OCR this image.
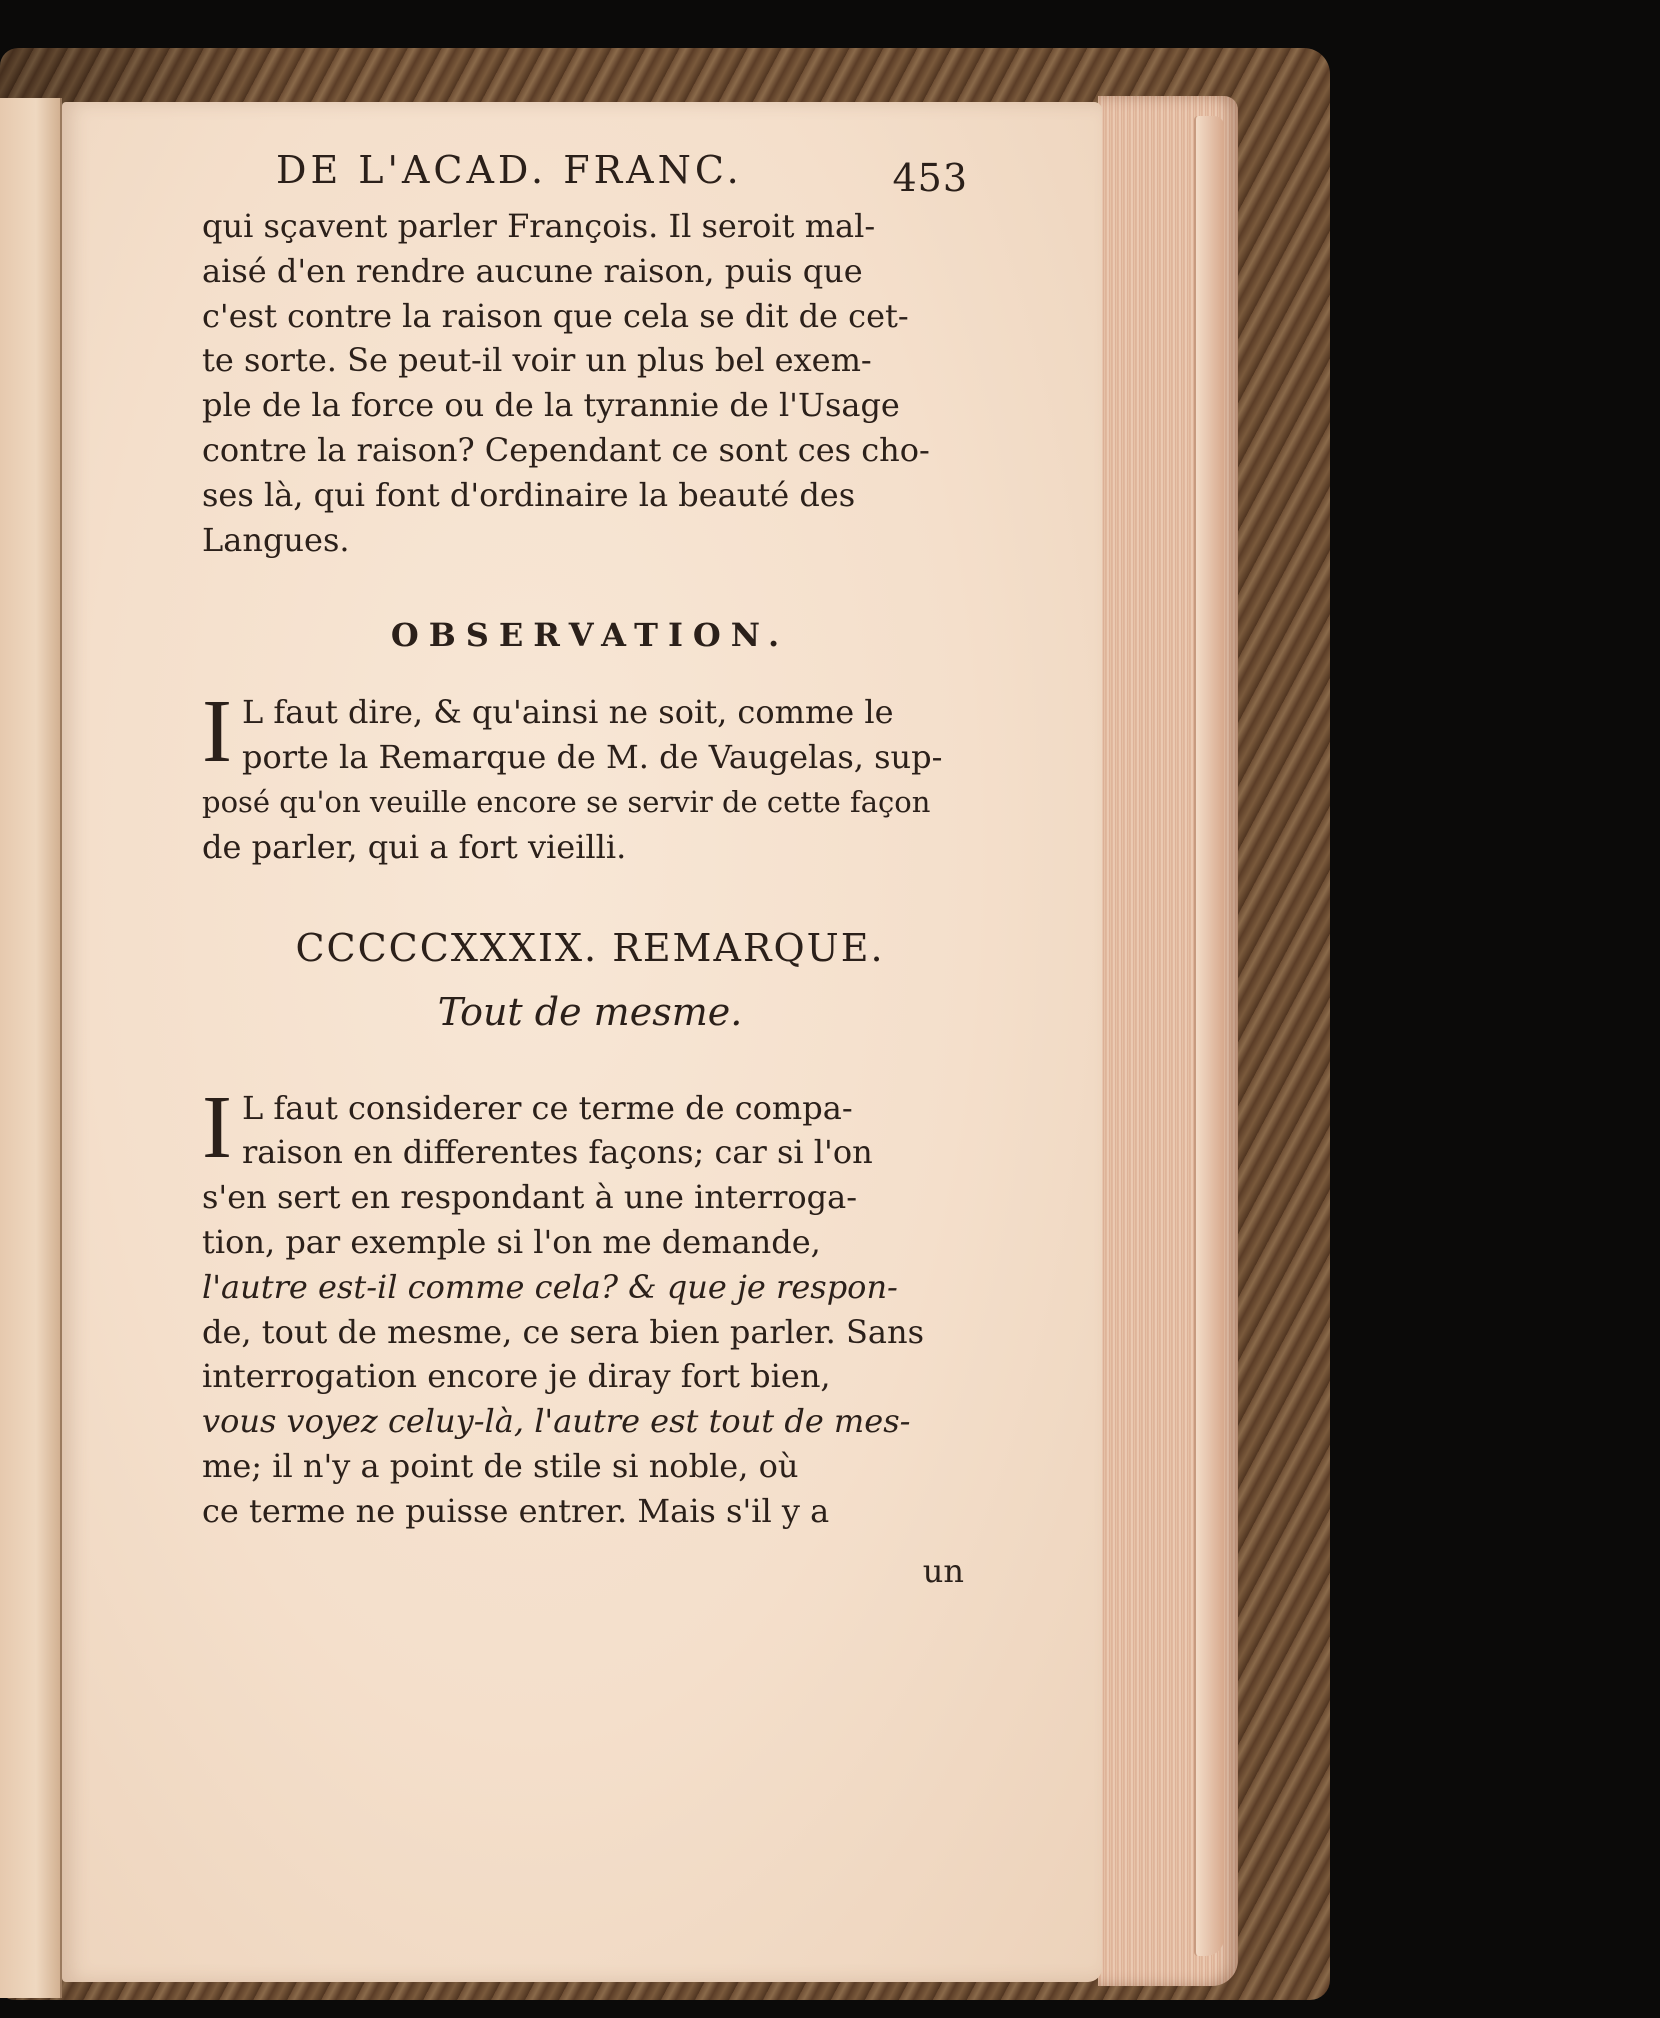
DE L'ACAD. FRANC.	453

qui sçavent parler François. Il seroit mal-
aisé d'en rendre aucune raison, puis que
c'est contre la raison que cela se dit de cet-
te sorte. Se peut-il voir un plus bel exem-
ple de la force ou de la tyrannie de l'Usage
contre la raison? Cependant ce sont ces cho-
ses là, qui font d'ordinaire la beauté des
Langues.

OBSERVATION.
I L faut dire, & qu'ainsi ne soit, comme le
porte la Remarque de M. de Vaugelas, sup-
posé qu'on veuille encore se servir de cette façon
de parler, qui a fort vieilli.
CCCCCXXXIX. REMARQUE.
Tout de mesme.
I L faut considerer ce terme de compa-
raison en differentes façons; car si l'on
s'en sert en respondant à une interroga-
tion, par exemple si l'on me demande,
l'autre est-il comme cela? & que je respon-
de, tout de mesme, ce sera bien parler. Sans
interrogation encore je diray fort bien,
vous voyez celuy-là, l'autre est tout de mes-
me; il n'y a point de stile si noble, où
ce terme ne puisse entrer. Mais s'il y a
un
